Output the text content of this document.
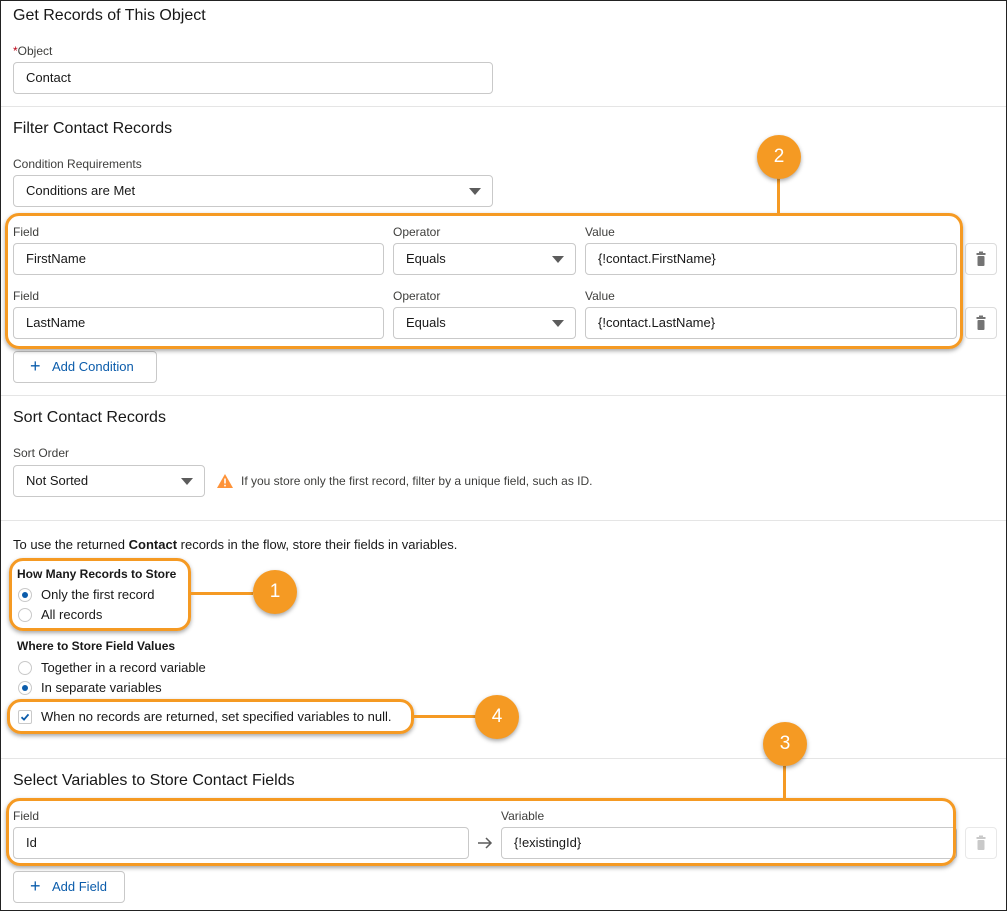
Get Records of This Object
*Object
Contact
Filter Contact Records
Condition Requirements
Conditions are Met
Field	Operator	Value
FirstName	Equals	{!contact.FirstName}
Field	Operator	Value
LastName	Equals	{!contact.LastName}
+ Add Condition
Sort Contact Records
Sort Order
Not Sorted	If you store only the first record, filter by a unique field, such as ID.
To use the returned Contact records in the flow, store their fields in variables.
How Many Records to Store
Only the first record
All records
Where to Store Field Values
Together in a record variable
In separate variables
When no records are returned, set specified variables to null.
Select Variables to Store Contact Fields
Field	Variable
Id	{!existingId}
+ Add Field
2
1
4
3
